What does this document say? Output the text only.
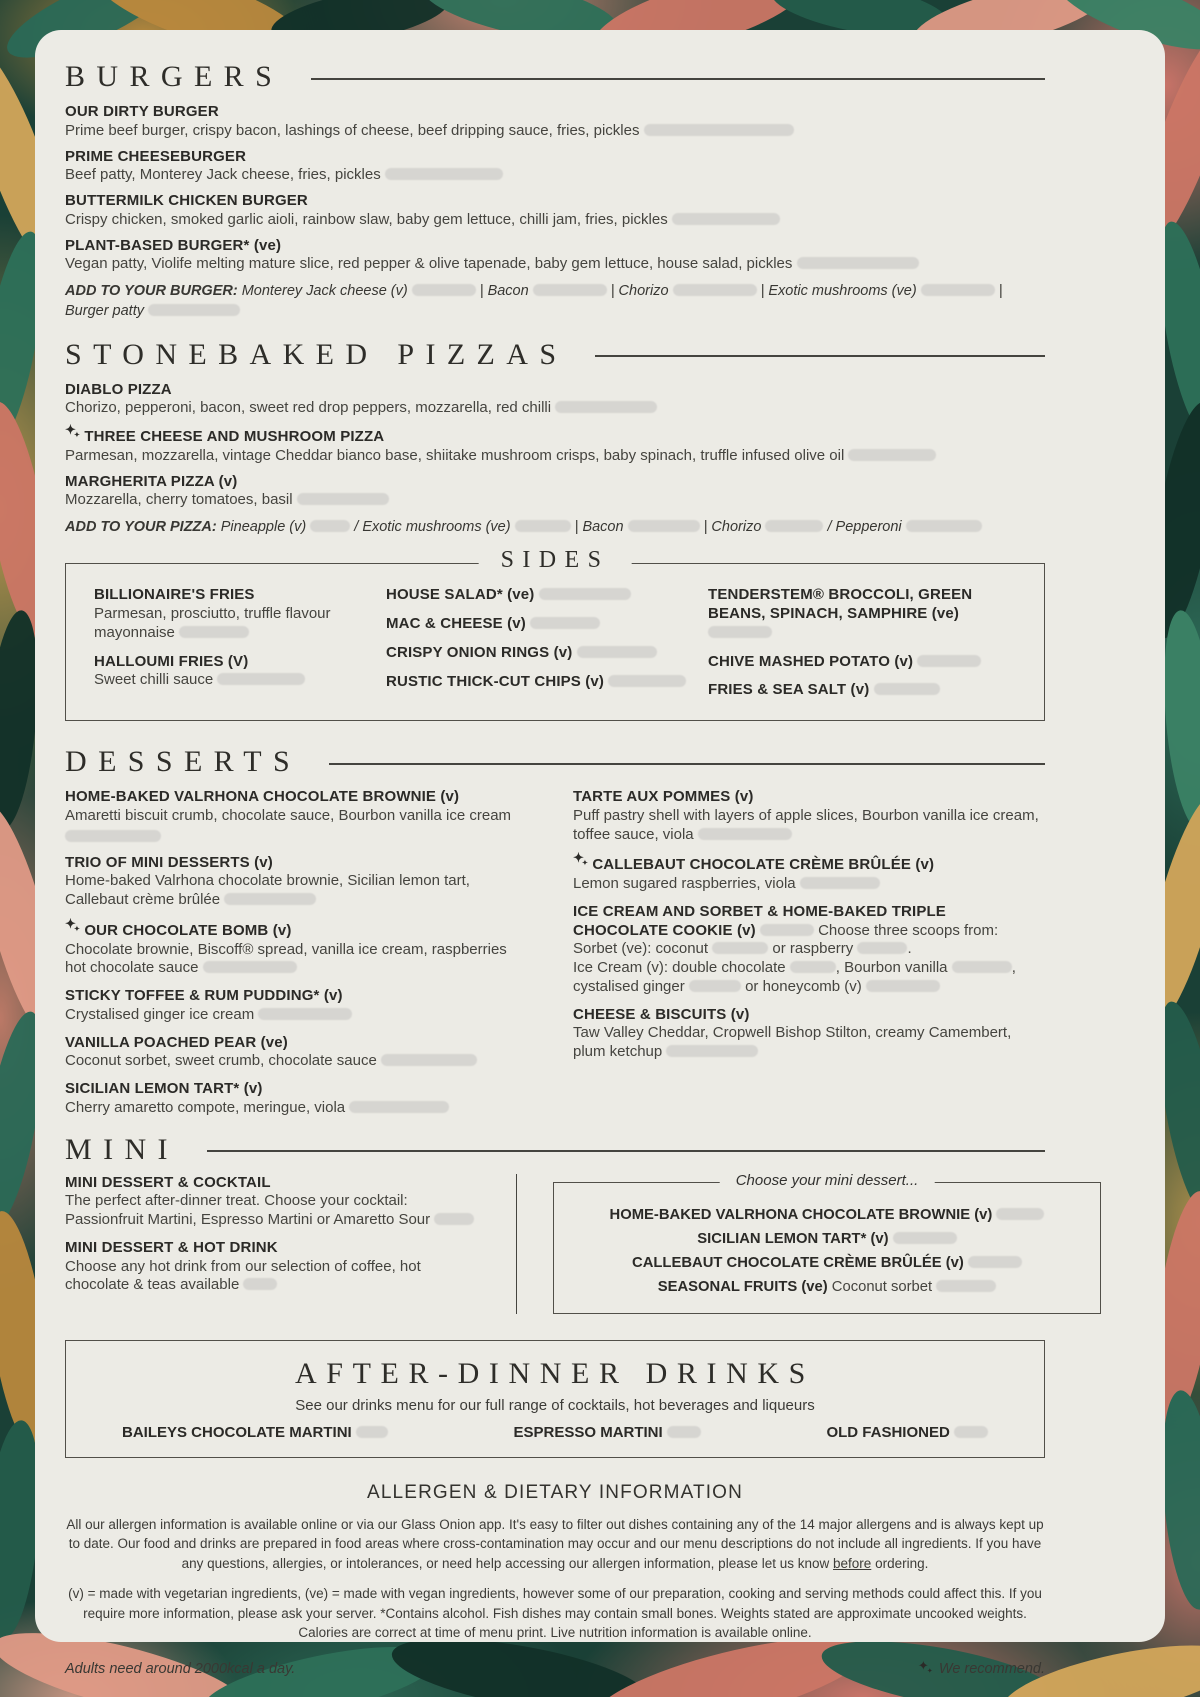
BURGERS
OUR DIRTY BURGER
Prime beef burger, crispy bacon, lashings of cheese, beef dripping sauce, fries, pickles
PRIME CHEESEBURGER
Beef patty, Monterey Jack cheese, fries, pickles
BUTTERMILK CHICKEN BURGER
Crispy chicken, smoked garlic aioli, rainbow slaw, baby gem lettuce, chilli jam, fries, pickles
PLANT-BASED BURGER* (ve)
Vegan patty, Violife melting mature slice, red pepper & olive tapenade, baby gem lettuce, house salad, pickles
ADD TO YOUR BURGER: Monterey Jack cheese (v)	| Bacon	| Chorizo	| Exotic mushrooms (ve)	| Burger patty
STONEBAKED PIZZAS
DIABLO PIZZA
Chorizo, pepperoni, bacon, sweet red drop peppers, mozzarella, red chilli
✦ ✦ THREE CHEESE AND MUSHROOM PIZZA
Parmesan, mozzarella, vintage Cheddar bianco base, shiitake mushroom crisps, baby spinach, truffle infused olive oil
MARGHERITA PIZZA (v)
Mozzarella, cherry tomatoes, basil
ADD TO YOUR PIZZA: Pineapple (v)	/ Exotic mushrooms (ve)	| Bacon	| Chorizo	/ Pepperoni
SIDES
BILLIONAIRE'S FRIES
Parmesan, prosciutto, truffle flavour mayonnaise
HALLOUMI FRIES (V)
Sweet chilli sauce
HOUSE SALAD* (ve)
MAC & CHEESE (v)
CRISPY ONION RINGS (v)
RUSTIC THICK-CUT CHIPS (v)
TENDERSTEM® BROCCOLI, GREEN BEANS, SPINACH, SAMPHIRE (ve)
CHIVE MASHED POTATO (v)
FRIES & SEA SALT (v)
DESSERTS
HOME-BAKED VALRHONA CHOCOLATE BROWNIE (v)
Amaretti biscuit crumb, chocolate sauce, Bourbon vanilla ice cream
TRIO OF MINI DESSERTS (v)
Home-baked Valrhona chocolate brownie, Sicilian lemon tart, Callebaut crème brûlée
✦ ✦ OUR CHOCOLATE BOMB (v)
Chocolate brownie, Biscoff® spread, vanilla ice cream, raspberries hot chocolate sauce
STICKY TOFFEE & RUM PUDDING* (v)
Crystalised ginger ice cream
VANILLA POACHED PEAR (ve)
Coconut sorbet, sweet crumb, chocolate sauce
SICILIAN LEMON TART* (v)
Cherry amaretto compote, meringue, viola
TARTE AUX POMMES (v)
Puff pastry shell with layers of apple slices, Bourbon vanilla ice cream, toffee sauce, viola
✦ ✦ CALLEBAUT CHOCOLATE CRÈME BRÛLÉE (v)
Lemon sugared raspberries, viola
ICE CREAM AND SORBET & HOME-BAKED TRIPLE CHOCOLATE COOKIE (v)	Choose three scoops from:
Sorbet (ve): coconut	or raspberry	.
Ice Cream (v): double chocolate	, Bourbon vanilla	,
cystalised ginger	or honeycomb (v)
CHEESE & BISCUITS (v)
Taw Valley Cheddar, Cropwell Bishop Stilton, creamy Camembert, plum ketchup
MINI
MINI DESSERT & COCKTAIL
The perfect after-dinner treat. Choose your cocktail: Passionfruit Martini, Espresso Martini or Amaretto Sour
MINI DESSERT & HOT DRINK
Choose any hot drink from our selection of coffee, hot chocolate & teas available
Choose your mini dessert...
HOME-BAKED VALRHONA CHOCOLATE BROWNIE (v)
SICILIAN LEMON TART* (v)
CALLEBAUT CHOCOLATE CRÈME BRÛLÉE (v)
SEASONAL FRUITS (ve) Coconut sorbet
AFTER-DINNER DRINKS
See our drinks menu for our full range of cocktails, hot beverages and liqueurs
BAILEYS CHOCOLATE MARTINI	ESPRESSO MARTINI	OLD FASHIONED
ALLERGEN & DIETARY INFORMATION

All our allergen information is available online or via our Glass Onion app. It's easy to filter out dishes containing any of the 14 major allergens and is always kept up to date. Our food and drinks are prepared in food areas where cross-contamination may occur and our menu descriptions do not include all ingredients. If you have any questions, allergies, or intolerances, or need help accessing our allergen information, please let us know before ordering.

(v) = made with vegetarian ingredients, (ve) = made with vegan ingredients, however some of our preparation, cooking and serving methods could affect this. If you require more information, please ask your server. *Contains alcohol. Fish dishes may contain small bones. Weights stated are approximate uncooked weights. Calories are correct at time of menu print. Live nutrition information is available online.

Adults need around 2000kcal a day. ✦ ✦	We recommend.
